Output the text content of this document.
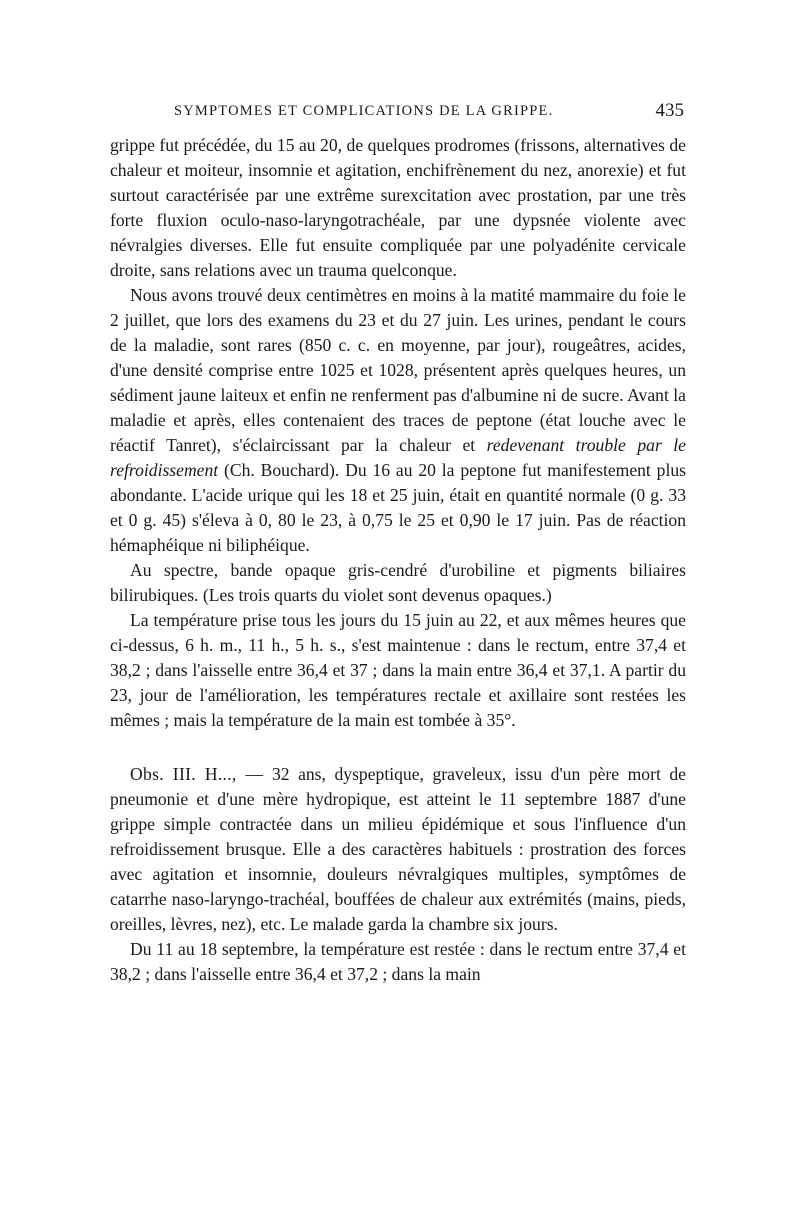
SYMPTOMES ET COMPLICATIONS DE LA GRIPPE.	435

grippe fut précédée, du 15 au 20, de quelques prodromes (frissons, alternatives de chaleur et moiteur, insomnie et agitation, enchifrènement du nez, anorexie) et fut surtout caractérisée par une extrême surexcitation avec prostation, par une très forte fluxion oculo-naso-laryngotrachéale, par une dypsnée violente avec névralgies diverses. Elle fut ensuite compliquée par une polyadénite cervicale droite, sans relations avec un trauma quelconque.

Nous avons trouvé deux centimètres en moins à la matité mammaire du foie le 2 juillet, que lors des examens du 23 et du 27 juin. Les urines, pendant le cours de la maladie, sont rares (850 c. c. en moyenne, par jour), rougeâtres, acides, d'une densité comprise entre 1025 et 1028, présentent après quelques heures, un sédiment jaune laiteux et enfin ne renferment pas d'albumine ni de sucre. Avant la maladie et après, elles contenaient des traces de peptone (état louche avec le réactif Tanret), s'éclaircissant par la chaleur et redevenant trouble par le refroidissement (Ch. Bouchard). Du 16 au 20 la peptone fut manifestement plus abondante. L'acide urique qui les 18 et 25 juin, était en quantité normale (0 g. 33 et 0 g. 45) s'éleva à 0, 80 le 23, à 0,75 le 25 et 0,90 le 17 juin. Pas de réaction hémaphéique ni biliphéique.

Au spectre, bande opaque gris-cendré d'urobiline et pigments biliaires bilirubiques. (Les trois quarts du violet sont devenus opaques.)

La température prise tous les jours du 15 juin au 22, et aux mêmes heures que ci-dessus, 6 h. m., 11 h., 5 h. s., s'est maintenue : dans le rectum, entre 37,4 et 38,2 ; dans l'aisselle entre 36,4 et 37 ; dans la main entre 36,4 et 37,1. A partir du 23, jour de l'amélioration, les températures rectale et axillaire sont restées les mêmes ; mais la température de la main est tombée à 35°.

Obs. III. H..., — 32 ans, dyspeptique, graveleux, issu d'un père mort de pneumonie et d'une mère hydropique, est atteint le 11 septembre 1887 d'une grippe simple contractée dans un milieu épidémique et sous l'influence d'un refroidissement brusque. Elle a des caractères habituels : prostration des forces avec agitation et insomnie, douleurs névralgiques multiples, symptômes de catarrhe naso-laryngo-trachéal, bouffées de chaleur aux extrémités (mains, pieds, oreilles, lèvres, nez), etc. Le malade garda la chambre six jours.

Du 11 au 18 septembre, la température est restée : dans le rectum entre 37,4 et 38,2 ; dans l'aisselle entre 36,4 et 37,2 ; dans la main
